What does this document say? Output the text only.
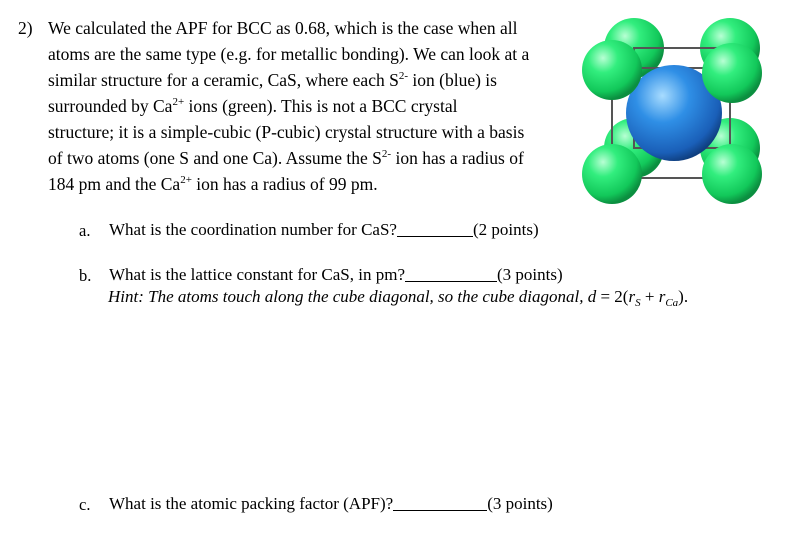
2) We calculated the APF for BCC as 0.68, which is the case when all
atoms are the same type (e.g. for metallic bonding). We can look at a
similar structure for a ceramic, CaS, where each $S^{2-}$ ion (blue) is
surrounded by $Ca^{2+}$ ions (green). This is not a BCC crystal
structure; it is a simple-cubic (P-cubic) crystal structure with a basis
of two atoms (one S and one Ca). Assume the $S^{2-}$ ion has a radius of
184 pm and the $Ca^{2+}$ ion has a radius of 99 pm.
a. What is the coordination number for CaS?	(2 points)
b. What is the lattice constant for CaS, in pm?	(3 points)
Hint: The atoms touch along the cube diagonal, so the cube diagonal, $d = 2(r_S + r_{Ca})$.
c. What is the atomic packing factor (APF)?	(3 points)
